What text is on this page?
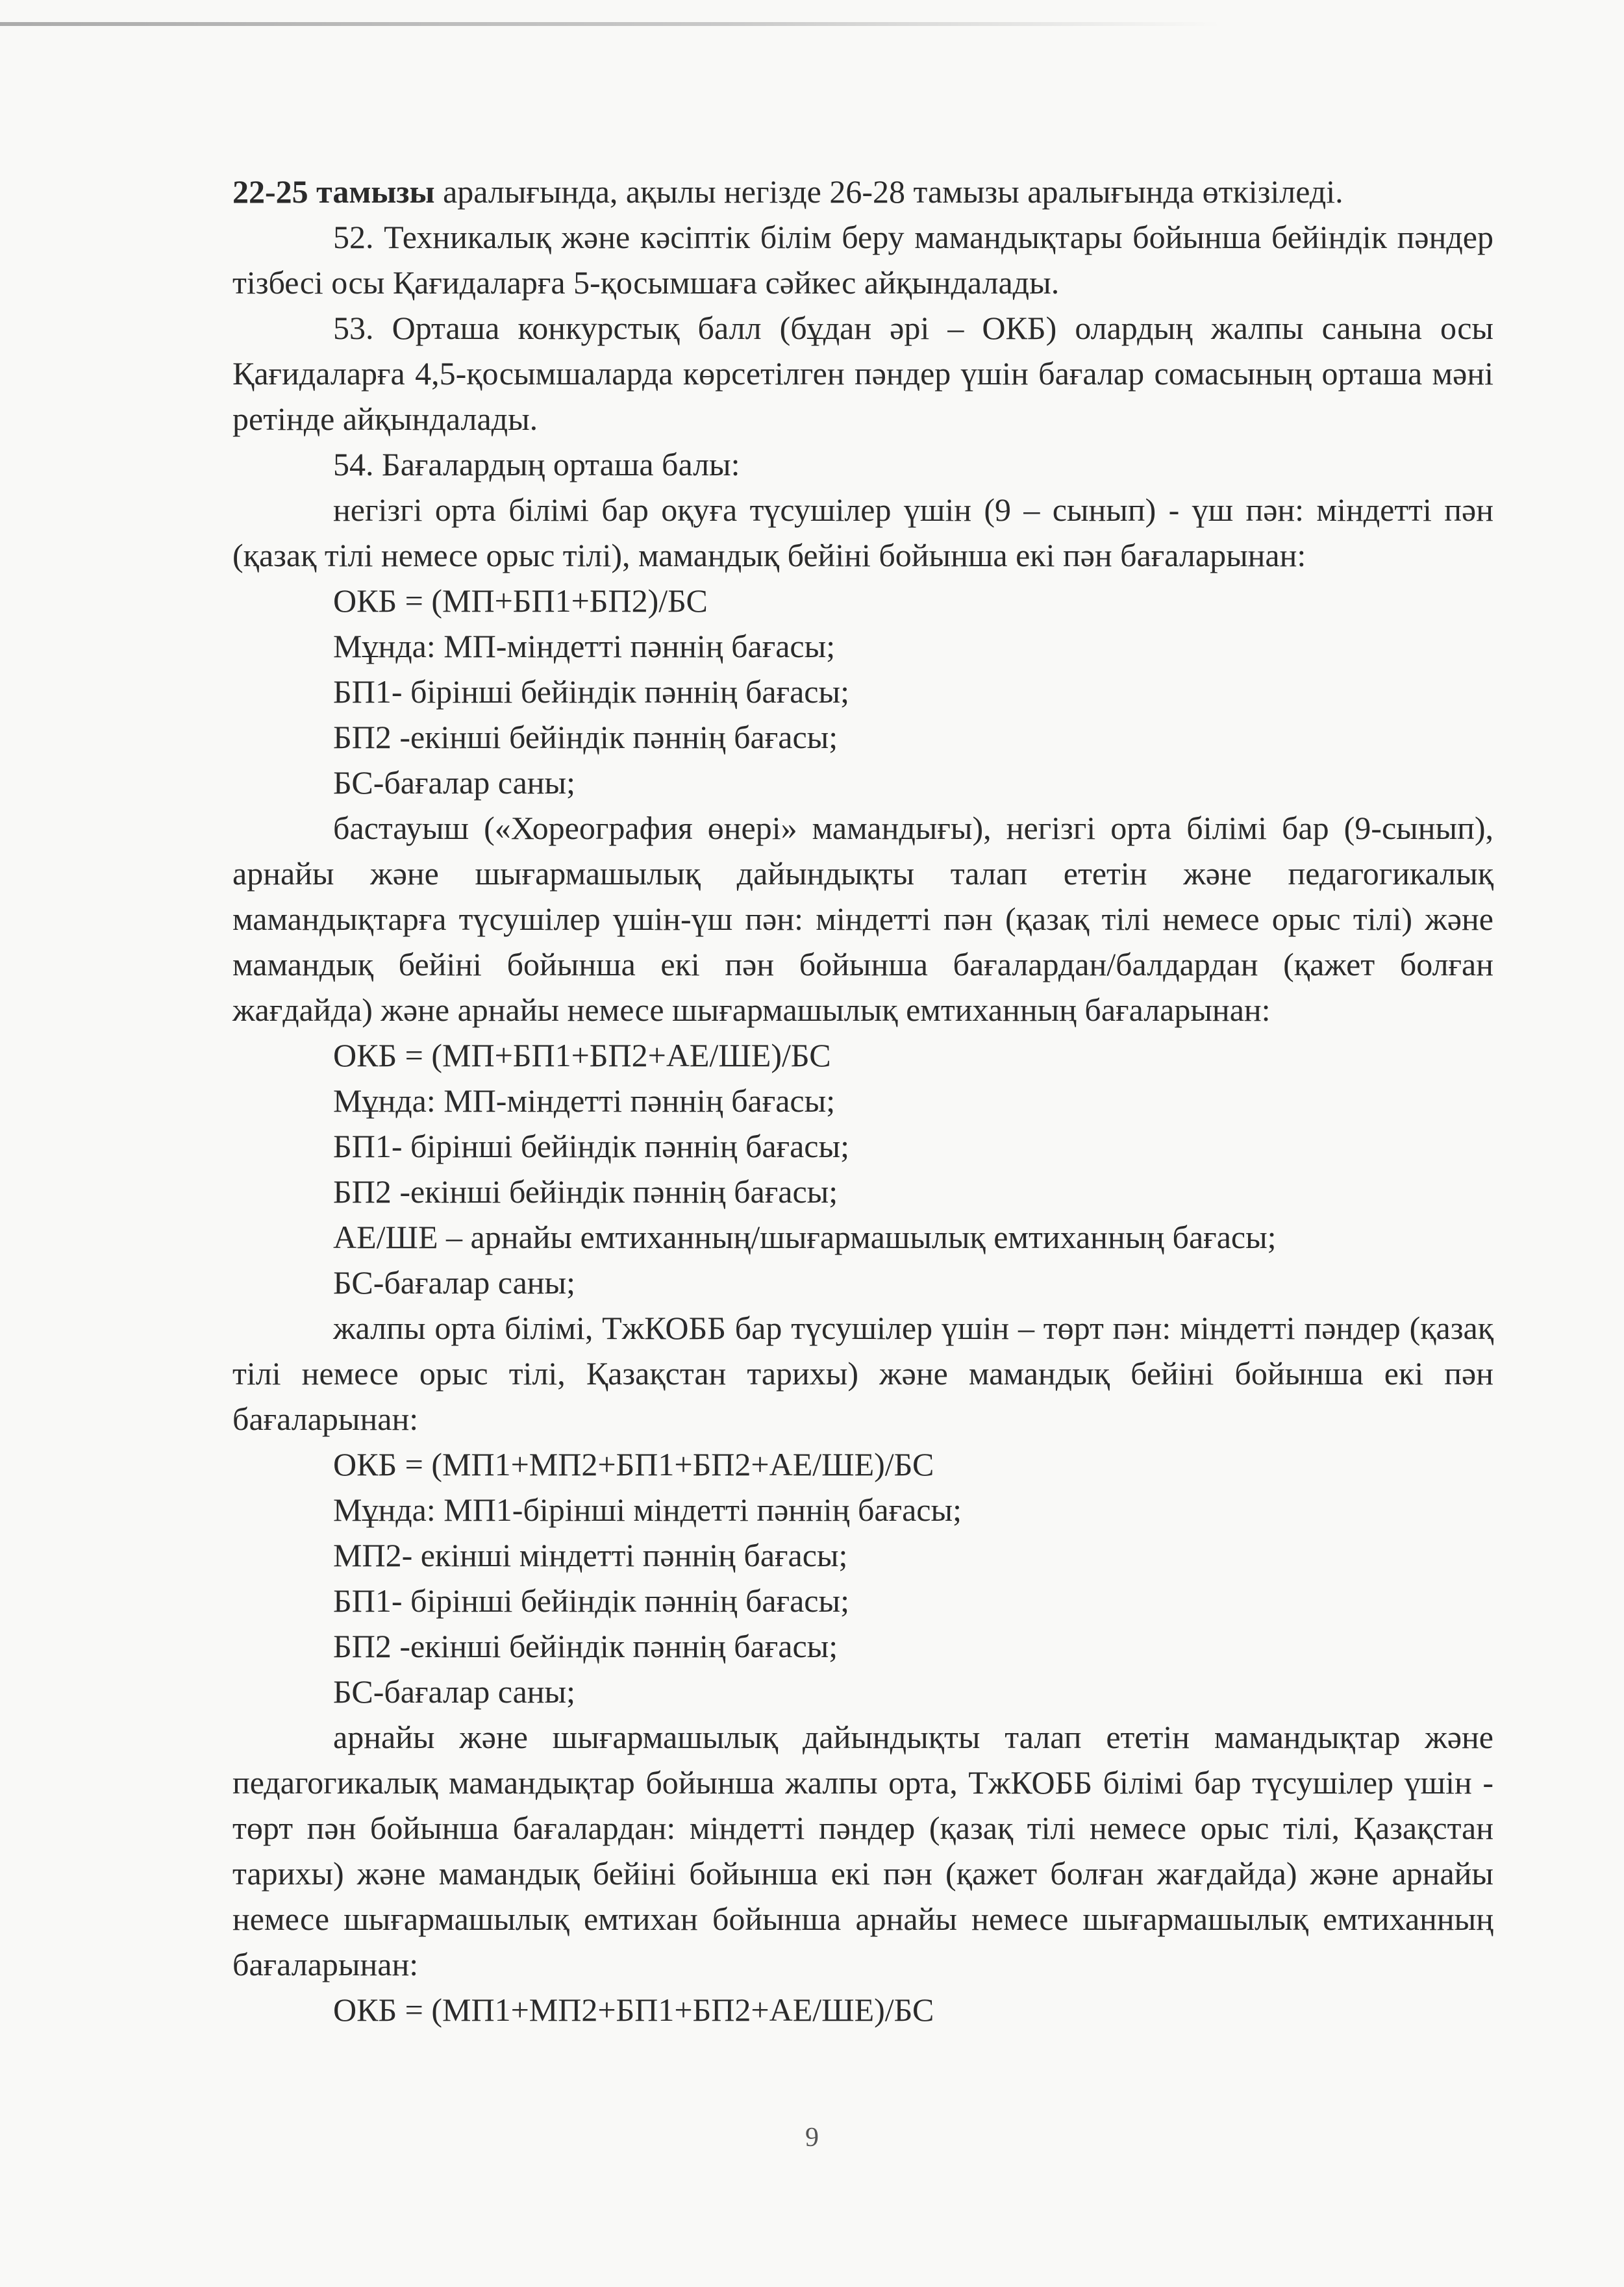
22-25 тамызы аралығында, ақылы негізде 26-28 тамызы аралығында өткізіледі.

52. Техникалық және кәсіптік білім беру мамандықтары бойынша бейіндік пәндер тізбесі осы Қағидаларға 5-қосымшаға сәйкес айқындалады.

53. Орташа конкурстық балл (бұдан әрі – ОКБ) олардың жалпы санына осы Қағидаларға 4,5-қосымшаларда көрсетілген пәндер үшін бағалар сомасының орташа мәні ретінде айқындалады.

54. Бағалардың орташа балы:

негізгі орта білімі бар оқуға түсушілер үшін (9 – сынып) - үш пән: міндетті пән (қазақ тілі немесе орыс тілі), мамандық бейіні бойынша екі пән бағаларынан:

ОКБ = (МП+БП1+БП2)/БС
Мұнда: МП-міндетті пәннің бағасы;
БП1- бірінші бейіндік пәннің бағасы;
БП2 -екінші бейіндік пәннің бағасы;
БС-бағалар саны;

бастауыш («Хореография өнері» мамандығы), негізгі орта білімі бар (9-сынып), арнайы және шығармашылық дайындықты талап ететін және педагогикалық мамандықтарға түсушілер үшін-үш пән: міндетті пән (қазақ тілі немесе орыс тілі) және мамандық бейіні бойынша екі пән бойынша бағалардан/балдардан (қажет болған жағдайда) және арнайы немесе шығармашылық емтиханның бағаларынан:

ОКБ = (МП+БП1+БП2+АЕ/ШЕ)/БС
Мұнда: МП-міндетті пәннің бағасы;
БП1- бірінші бейіндік пәннің бағасы;
БП2 -екінші бейіндік пәннің бағасы;
АЕ/ШЕ – арнайы емтиханның/шығармашылық емтиханның бағасы;
БС-бағалар саны;

жалпы орта білімі, ТжКОББ бар түсушілер үшін – төрт пән: міндетті пәндер (қазақ тілі немесе орыс тілі, Қазақстан тарихы) және мамандық бейіні бойынша екі пән бағаларынан:

ОКБ = (МП1+МП2+БП1+БП2+АЕ/ШЕ)/БС
Мұнда: МП1-бірінші міндетті пәннің бағасы;
МП2- екінші міндетті пәннің бағасы;
БП1- бірінші бейіндік пәннің бағасы;
БП2 -екінші бейіндік пәннің бағасы;
БС-бағалар саны;

арнайы және шығармашылық дайындықты талап ететін мамандықтар және педагогикалық мамандықтар бойынша жалпы орта, ТжКОББ білімі бар түсушілер үшін - төрт пән бойынша бағалардан: міндетті пәндер (қазақ тілі немесе орыс тілі, Қазақстан тарихы) және мамандық бейіні бойынша екі пән (қажет болған жағдайда) және арнайы немесе шығармашылық емтихан бойынша арнайы немесе шығармашылық емтиханның бағаларынан:

ОКБ = (МП1+МП2+БП1+БП2+АЕ/ШЕ)/БС
9
